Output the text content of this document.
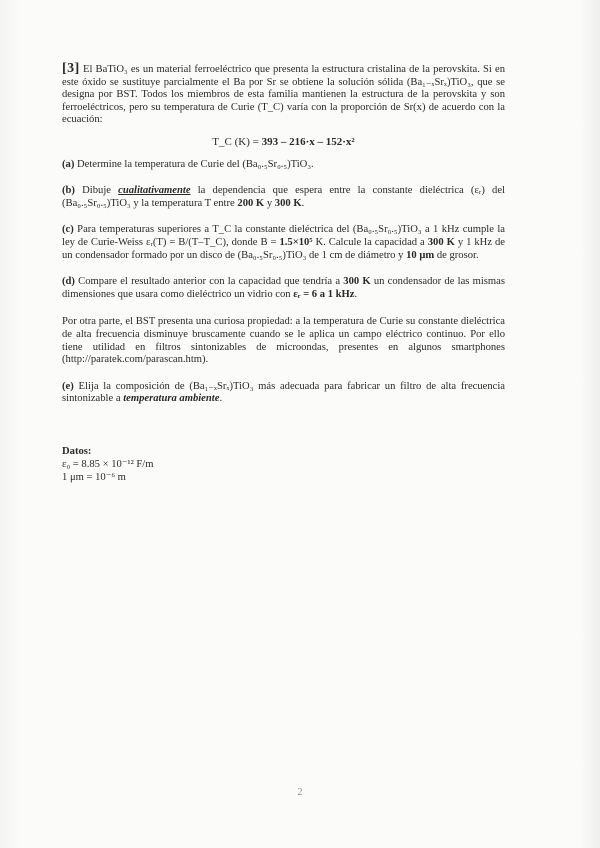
[3] El BaTiO₃ es un material ferroeléctrico que presenta la estructura cristalina de la perovskita. Si en este óxido se sustituye parcialmente el Ba por Sr se obtiene la solución sólida (Ba₁₋ₓSrₓ)TiO₃, que se designa por BST. Todos los miembros de esta familia mantienen la estructura de la perovskita y son ferroeléctricos, pero su temperatura de Curie (T_C) varía con la proporción de Sr(x) de acuerdo con la ecuación:

T_C (K) = 393 – 216·x – 152·x²

(a) Determine la temperatura de Curie del (Ba₀.₅Sr₀.₅)TiO₃.

(b) Dibuje cualitativamente la dependencia que espera entre la constante dieléctrica (εᵣ) del (Ba₀.₅Sr₀.₅)TiO₃ y la temperatura T entre 200 K y 300 K.

(c) Para temperaturas superiores a T_C la constante dieléctrica del (Ba₀.₅Sr₀.₅)TiO₃ a 1 kHz cumple la ley de Curie-Weiss εᵣ(T) = B/(T–T_C), donde B = 1.5×10⁵ K. Calcule la capacidad a 300 K y 1 kHz de un condensador formado por un disco de (Ba₀.₅Sr₀.₅)TiO₃ de 1 cm de diámetro y 10 μm de grosor.

(d) Compare el resultado anterior con la capacidad que tendría a 300 K un condensador de las mismas dimensiones que usara como dieléctrico un vidrio con εᵣ = 6 a 1 kHz.

Por otra parte, el BST presenta una curiosa propiedad: a la temperatura de Curie su constante dieléctrica de alta frecuencia disminuye bruscamente cuando se le aplica un campo eléctrico continuo. Por ello tiene utilidad en filtros sintonizables de microondas, presentes en algunos smartphones (http://paratek.com/parascan.htm).

(e) Elija la composición de (Ba₁₋ₓSrₓ)TiO₃ más adecuada para fabricar un filtro de alta frecuencia sintonizable a temperatura ambiente.

Datos:
ε₀ = 8.85 × 10⁻¹² F/m
1 μm = 10⁻⁶ m
2
